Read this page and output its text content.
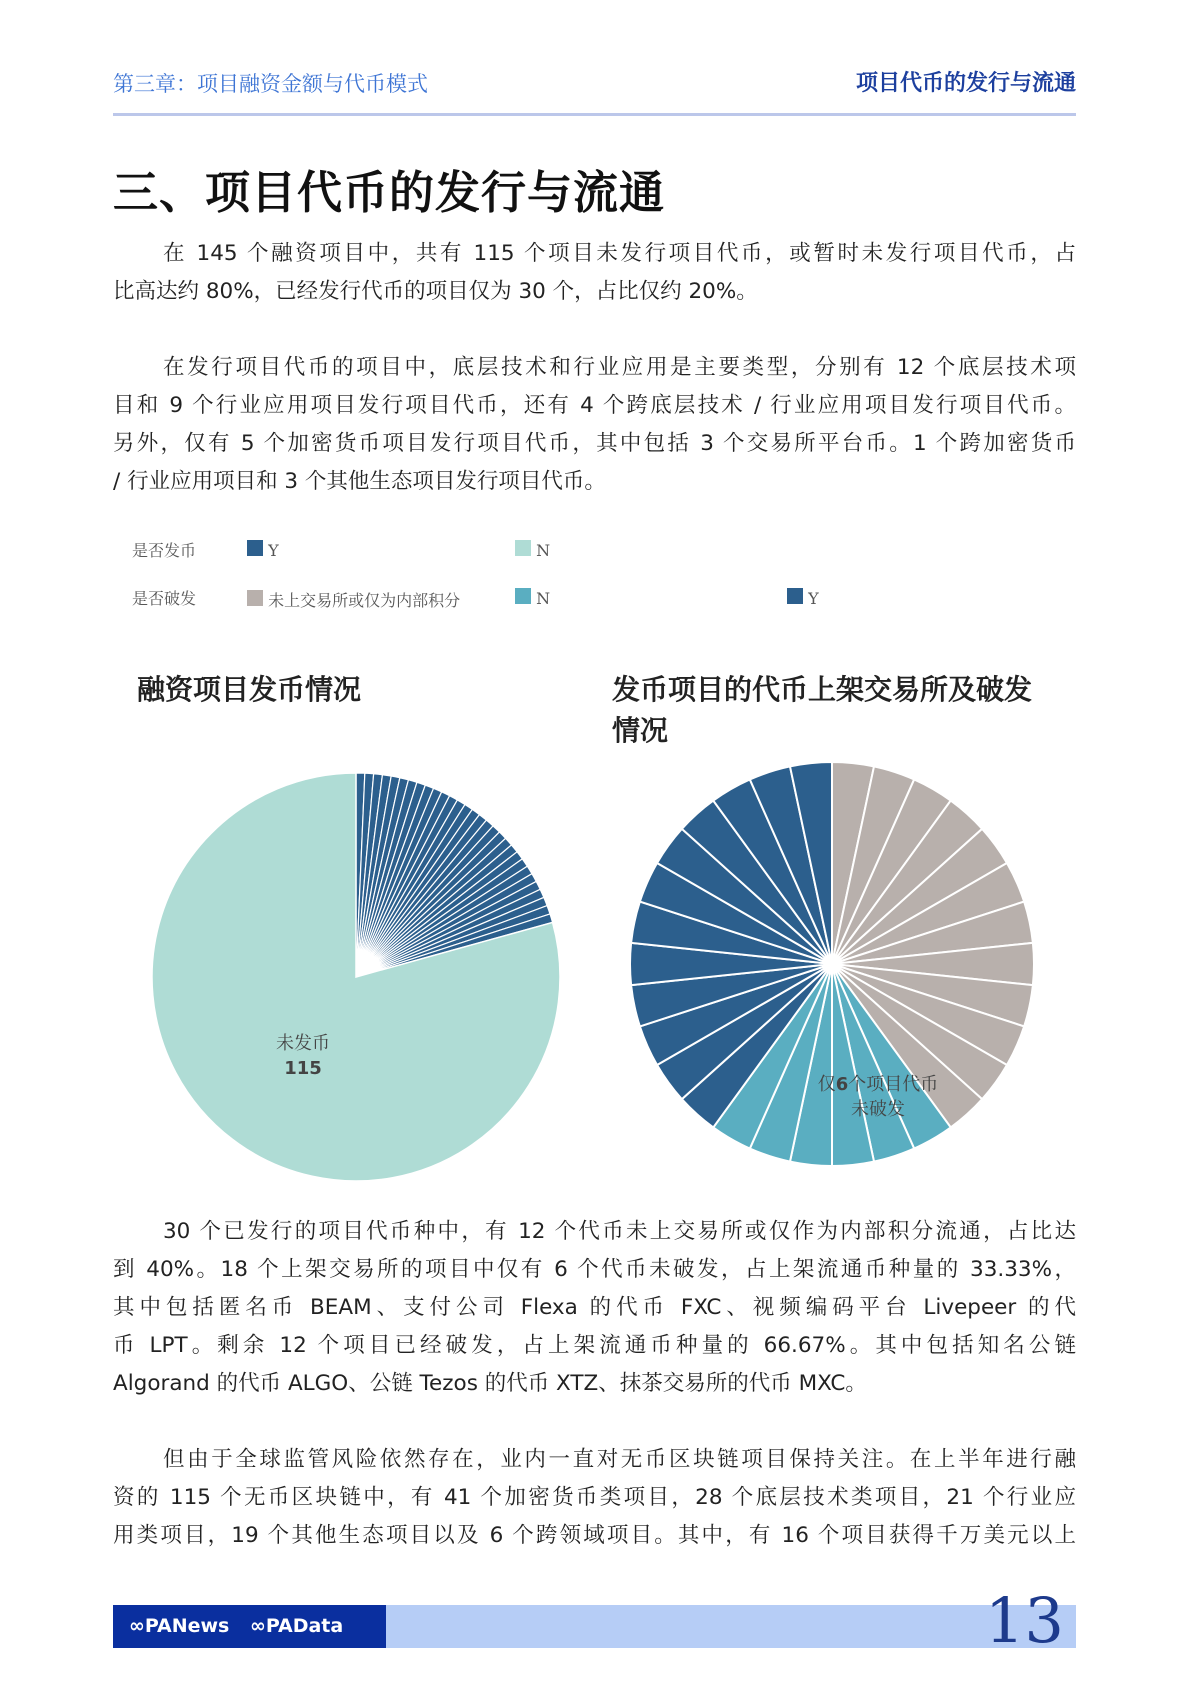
第三章：项目融资金额与代币模式	项目代币的发行与流通
三、项目代币的发行与流通
在 145 个融资项目中，共有 115 个项目未发行项目代币，或暂时未发行项目代币，占
比高达约 80%，已经发行代币的项目仅为 30 个，占比仅约 20%。
在发行项目代币的项目中，底层技术和行业应用是主要类型，分别有 12 个底层技术项
目和 9 个行业应用项目发行项目代币，还有 4 个跨底层技术 / 行业应用项目发行项目代币。
另外，仅有 5 个加密货币项目发行项目代币，其中包括 3 个交易所平台币。1 个跨加密货币
/ 行业应用项目和 3 个其他生态项目发行项目代币。
是否发币	Y	N
是否破发	未上交易所或仅为内部积分	N	Y
融资项目发币情况	发币项目的代币上架交易所及破发情况
未发币
115
仅6个项目代币
未破发
30 个已发行的项目代币种中，有 12 个代币未上交易所或仅作为内部积分流通，占比达
到 40%。18 个上架交易所的项目中仅有 6 个代币未破发，占上架流通币种量的 33.33%，
其中包括匿名币 BEAM、支付公司 Flexa 的代币 FXC、视频编码平台 Livepeer 的代
币 LPT。剩余 12 个项目已经破发，占上架流通币种量的 66.67%。其中包括知名公链
Algorand 的代币 ALGO、公链 Tezos 的代币 XTZ、抹茶交易所的代币 MXC。
但由于全球监管风险依然存在，业内一直对无币区块链项目保持关注。在上半年进行融
资的 115 个无币区块链中，有 41 个加密货币类项目，28 个底层技术类项目，21 个行业应
用类项目，19 个其他生态项目以及 6 个跨领域项目。其中，有 16 个项目获得千万美元以上
∞PANews ∞PAData	13
